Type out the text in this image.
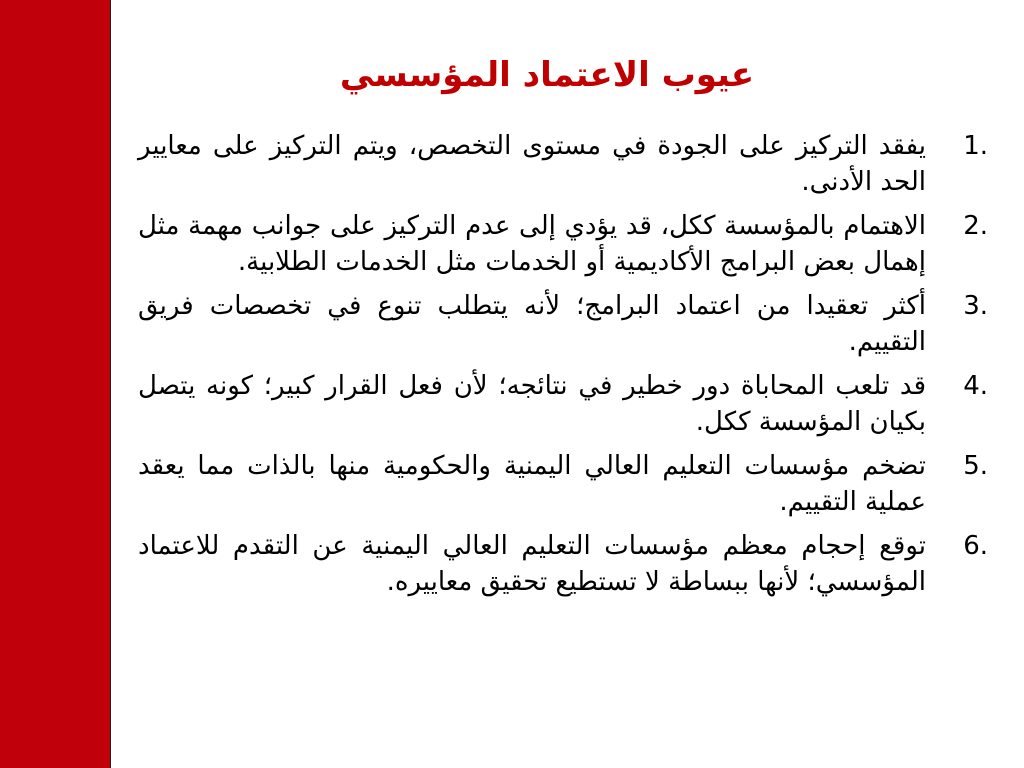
عيوب الاعتماد المؤسسي
يفقد التركيز على الجودة في مستوى التخصص، ويتم التركيز على معايير الحد الأدنى.
1.
الاهتمام بالمؤسسة ككل، قد يؤدي إلى عدم التركيز على جوانب مهمة مثل إهمال بعض البرامج الأكاديمية أو الخدمات مثل الخدمات الطلابية.
2.
أكثر تعقيدا من اعتماد البرامج؛ لأنه يتطلب تنوع في تخصصات فريق التقييم.
3.
قد تلعب المحاباة دور خطير في نتائجه؛ لأن فعل القرار كبير؛ كونه يتصل بكيان المؤسسة ككل.
4.
تضخم مؤسسات التعليم العالي اليمنية والحكومية منها بالذات مما يعقد عملية التقييم.
5.
توقع إحجام معظم مؤسسات التعليم العالي اليمنية عن التقدم للاعتماد المؤسسي؛ لأنها ببساطة لا تستطيع تحقيق معاييره.
6.
